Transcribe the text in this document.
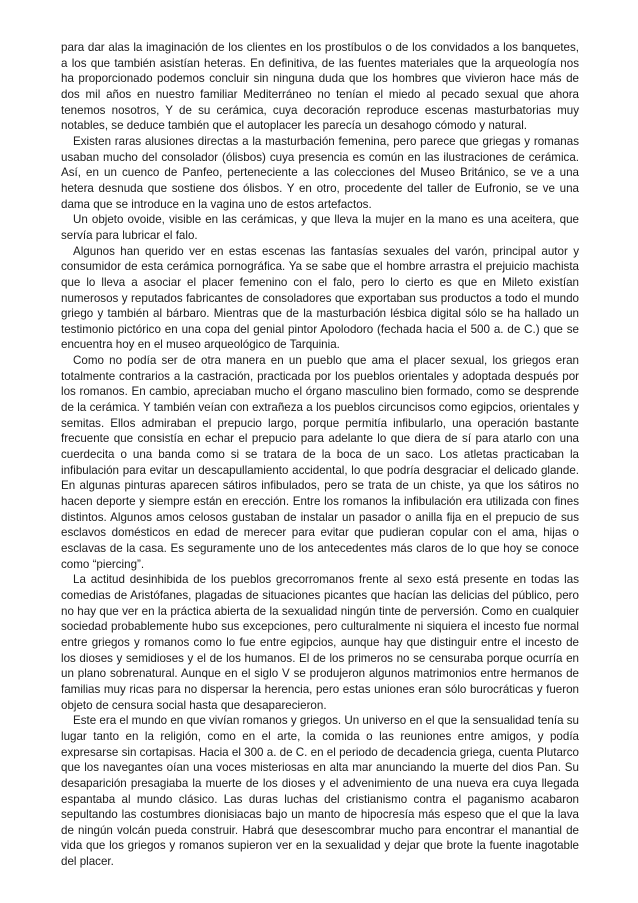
para dar alas la imaginación de los clientes en los prostíbulos o de los convidados a los banquetes, a los que también asistían heteras. En definitiva, de las fuentes materiales que la arqueología nos ha proporcionado podemos concluir sin ninguna duda que los hombres que vivieron hace más de dos mil años en nuestro familiar Mediterráneo no tenían el miedo al pecado sexual que ahora tenemos nosotros, Y de su cerámica, cuya decoración reproduce escenas masturbatorias muy notables, se deduce también que el autoplacer les parecía un desahogo cómodo y natural.

Existen raras alusiones directas a la masturbación femenina, pero parece que griegas y romanas usaban mucho del consolador (ólisbos) cuya presencia es común en las ilustraciones de cerámica. Así, en un cuenco de Panfeo, perteneciente a las colecciones del Museo Británico, se ve a una hetera desnuda que sostiene dos ólisbos. Y en otro, procedente del taller de Eufronio, se ve una dama que se introduce en la vagina uno de estos artefactos.

Un objeto ovoide, visible en las cerámicas, y que lleva la mujer en la mano es una aceitera, que servía para lubricar el falo.

Algunos han querido ver en estas escenas las fantasías sexuales del varón, principal autor y consumidor de esta cerámica pornográfica. Ya se sabe que el hombre arrastra el prejuicio machista que lo lleva a asociar el placer femenino con el falo, pero lo cierto es que en Mileto existían numerosos y reputados fabricantes de consoladores que exportaban sus productos a todo el mundo griego y también al bárbaro. Mientras que de la masturbación lésbica digital sólo se ha hallado un testimonio pictórico en una copa del genial pintor Apolodoro (fechada hacia el 500 a. de C.) que se encuentra hoy en el museo arqueológico de Tarquinia.

Como no podía ser de otra manera en un pueblo que ama el placer sexual, los griegos eran totalmente contrarios a la castración, practicada por los pueblos orientales y adoptada después por los romanos. En cambio, apreciaban mucho el órgano masculino bien formado, como se desprende de la cerámica. Y también veían con extrañeza a los pueblos circuncisos como egipcios, orientales y semitas. Ellos admiraban el prepucio largo, porque permitía infibularlo, una operación bastante frecuente que consistía en echar el prepucio para adelante lo que diera de sí para atarlo con una cuerdecita o una banda como si se tratara de la boca de un saco. Los atletas practicaban la infibulación para evitar un descapullamiento accidental, lo que podría desgraciar el delicado glande. En algunas pinturas aparecen sátiros infibulados, pero se trata de un chiste, ya que los sátiros no hacen deporte y siempre están en erección. Entre los romanos la infibulación era utilizada con fines distintos. Algunos amos celosos gustaban de instalar un pasador o anilla fija en el prepucio de sus esclavos domésticos en edad de merecer para evitar que pudieran copular con el ama, hijas o esclavas de la casa. Es seguramente uno de los antecedentes más claros de lo que hoy se conoce como “piercing”.

La actitud desinhibida de los pueblos grecorromanos frente al sexo está presente en todas las comedias de Aristófanes, plagadas de situaciones picantes que hacían las delicias del público, pero no hay que ver en la práctica abierta de la sexualidad ningún tinte de perversión. Como en cualquier sociedad probablemente hubo sus excepciones, pero culturalmente ni siquiera el incesto fue normal entre griegos y romanos como lo fue entre egipcios, aunque hay que distinguir entre el incesto de los dioses y semidioses y el de los humanos. El de los primeros no se censuraba porque ocurría en un plano sobrenatural. Aunque en el siglo V se produjeron algunos matrimonios entre hermanos de familias muy ricas para no dispersar la herencia, pero estas uniones eran sólo burocráticas y fueron objeto de censura social hasta que desaparecieron.

Este era el mundo en que vivían romanos y griegos. Un universo en el que la sensualidad tenía su lugar tanto en la religión, como en el arte, la comida o las reuniones entre amigos, y podía expresarse sin cortapisas. Hacia el 300 a. de C. en el periodo de decadencia griega, cuenta Plutarco que los navegantes oían una voces misteriosas en alta mar anunciando la muerte del dios Pan. Su desaparición presagiaba la muerte de los dioses y el advenimiento de una nueva era cuya llegada espantaba al mundo clásico. Las duras luchas del cristianismo contra el paganismo acabaron sepultando las costumbres dionisiacas bajo un manto de hipocresía más espeso que el que la lava de ningún volcán pueda construir. Habrá que desescombrar mucho para encontrar el manantial de vida que los griegos y romanos supieron ver en la sexualidad y dejar que brote la fuente inagotable del placer.
